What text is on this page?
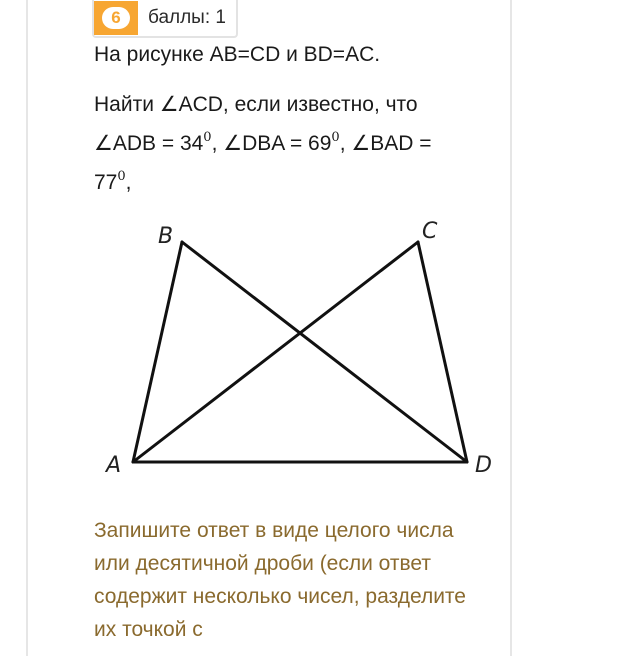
6	баллы: 1

На рисунке AB=CD и BD=AC.

Найти ∠ACD, если известно, что
∠ADB = $34^0$, ∠DBA = $69^0$, ∠BAD =
$77^0$,

B	C
A	D

Запишите ответ в виде целого числа или десятичной дроби (если ответ содержит несколько чисел, разделите их точкой с
